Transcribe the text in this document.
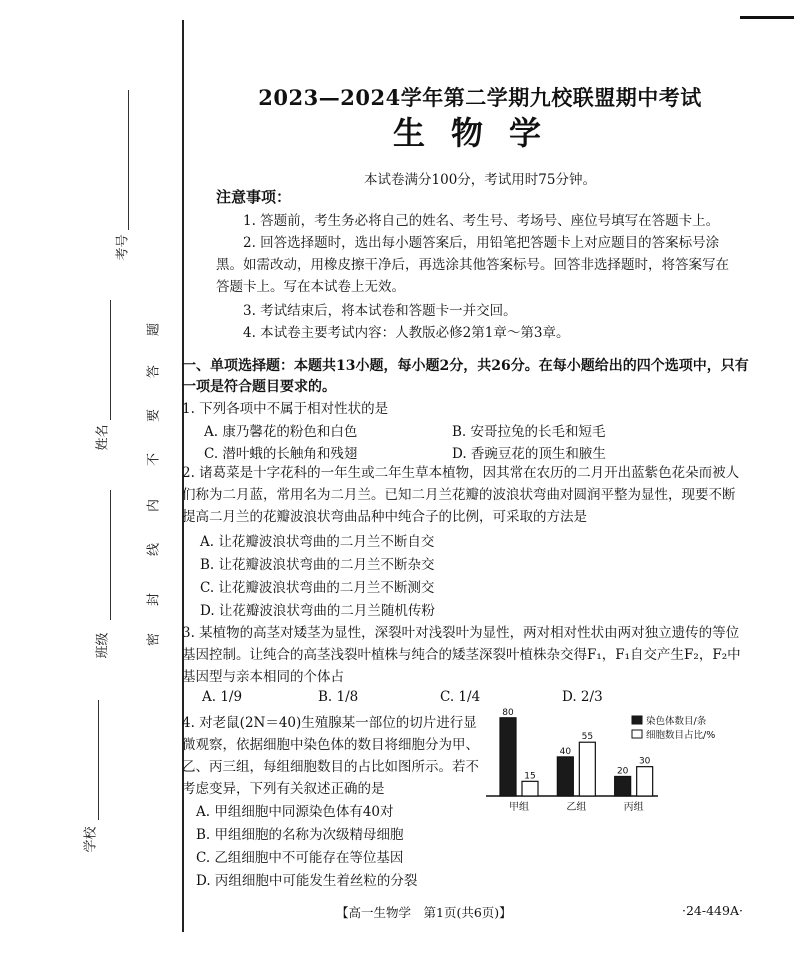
题
答
要
不
内
线
封
密
考号
姓名
班级
学校
2023—2024学年第二学期九校联盟期中考试
生物学
本试卷满分100分，考试用时75分钟。
注意事项：
1. 答题前，考生务必将自己的姓名、考生号、考场号、座位号填写在答题卡上。
2. 回答选择题时，选出每小题答案后，用铅笔把答题卡上对应题目的答案标号涂黑。如需改动，用橡皮擦干净后，再选涂其他答案标号。回答非选择题时，将答案写在答题卡上。写在本试卷上无效。
3. 考试结束后，将本试卷和答题卡一并交回。
4. 本试卷主要考试内容：人教版必修2第1章～第3章。
一、单项选择题：本题共13小题，每小题2分，共26分。在每小题给出的四个选项中，只有一项是符合题目要求的。
1. 下列各项中不属于相对性状的是
A. 康乃馨花的粉色和白色	B. 安哥拉兔的长毛和短毛
C. 潜叶蛾的长触角和残翅	D. 香豌豆花的顶生和腋生
2. 诸葛菜是十字花科的一年生或二年生草本植物，因其常在农历的二月开出蓝紫色花朵而被人们称为二月蓝，常用名为二月兰。已知二月兰花瓣的波浪状弯曲对圆润平整为显性，现要不断提高二月兰的花瓣波浪状弯曲品种中纯合子的比例，可采取的方法是
A. 让花瓣波浪状弯曲的二月兰不断自交
B. 让花瓣波浪状弯曲的二月兰不断杂交
C. 让花瓣波浪状弯曲的二月兰不断测交
D. 让花瓣波浪状弯曲的二月兰随机传粉
3. 某植物的高茎对矮茎为显性，深裂叶对浅裂叶为显性，两对相对性状由两对独立遗传的等位基因控制。让纯合的高茎浅裂叶植株与纯合的矮茎深裂叶植株杂交得F₁，F₁自交产生F₂，F₂中基因型与亲本相同的个体占
A. 1/9	B. 1/8	C. 1/4	D. 2/3
4. 对老鼠(2N＝40)生殖腺某一部位的切片进行显微观察，依据细胞中染色体的数目将细胞分为甲、乙、丙三组，每组细胞数目的占比如图所示。若不考虑变异，下列有关叙述正确的是
A. 甲组细胞中同源染色体有40对
B. 甲组细胞的名称为次级精母细胞
C. 乙组细胞中不可能存在等位基因
D. 丙组细胞中可能发生着丝粒的分裂
80
15
甲组
40
55
乙组
20
30
丙组
染色体数目/条
细胞数目占比/%
【高一生物学　第1页(共6页)】	·24-449A·
